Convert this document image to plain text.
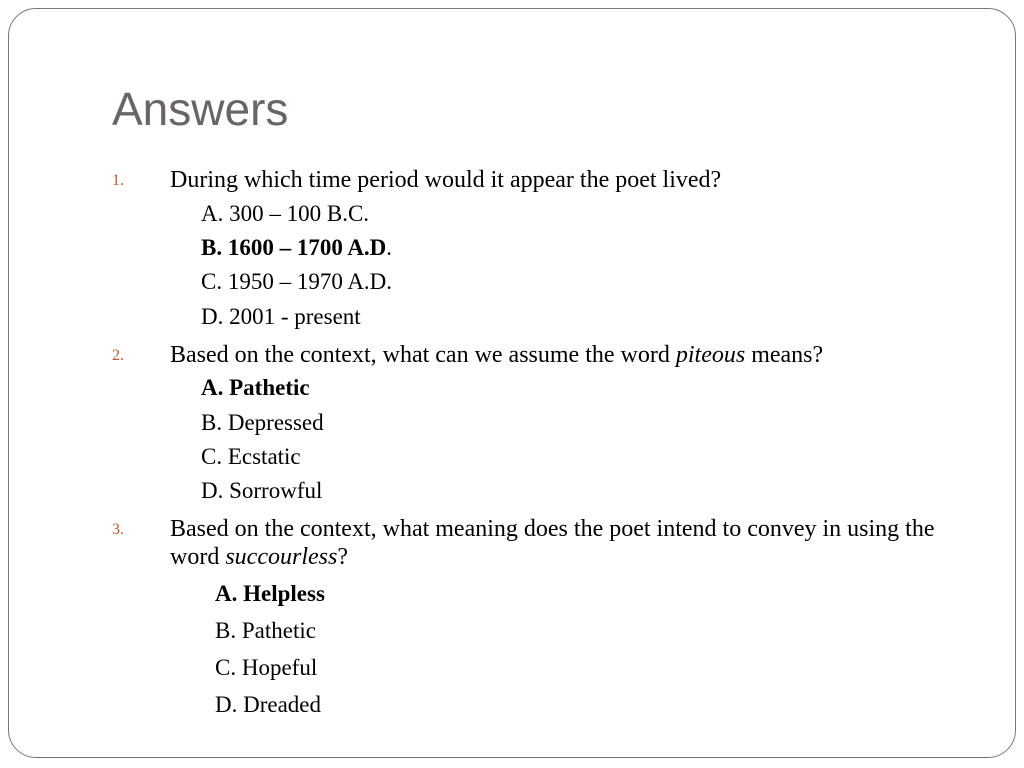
Answers
1. During which time period would it appear the poet lived?
A. 300 – 100 B.C.
B. 1600 – 1700 A.D.
C. 1950 – 1970 A.D.
D. 2001 - present
2. Based on the context, what can we assume the word piteous means?
A. Pathetic
B. Depressed
C. Ecstatic
D. Sorrowful
3. Based on the context, what meaning does the poet intend to convey in using the word succourless?
A. Helpless
B. Pathetic
C. Hopeful
D. Dreaded
